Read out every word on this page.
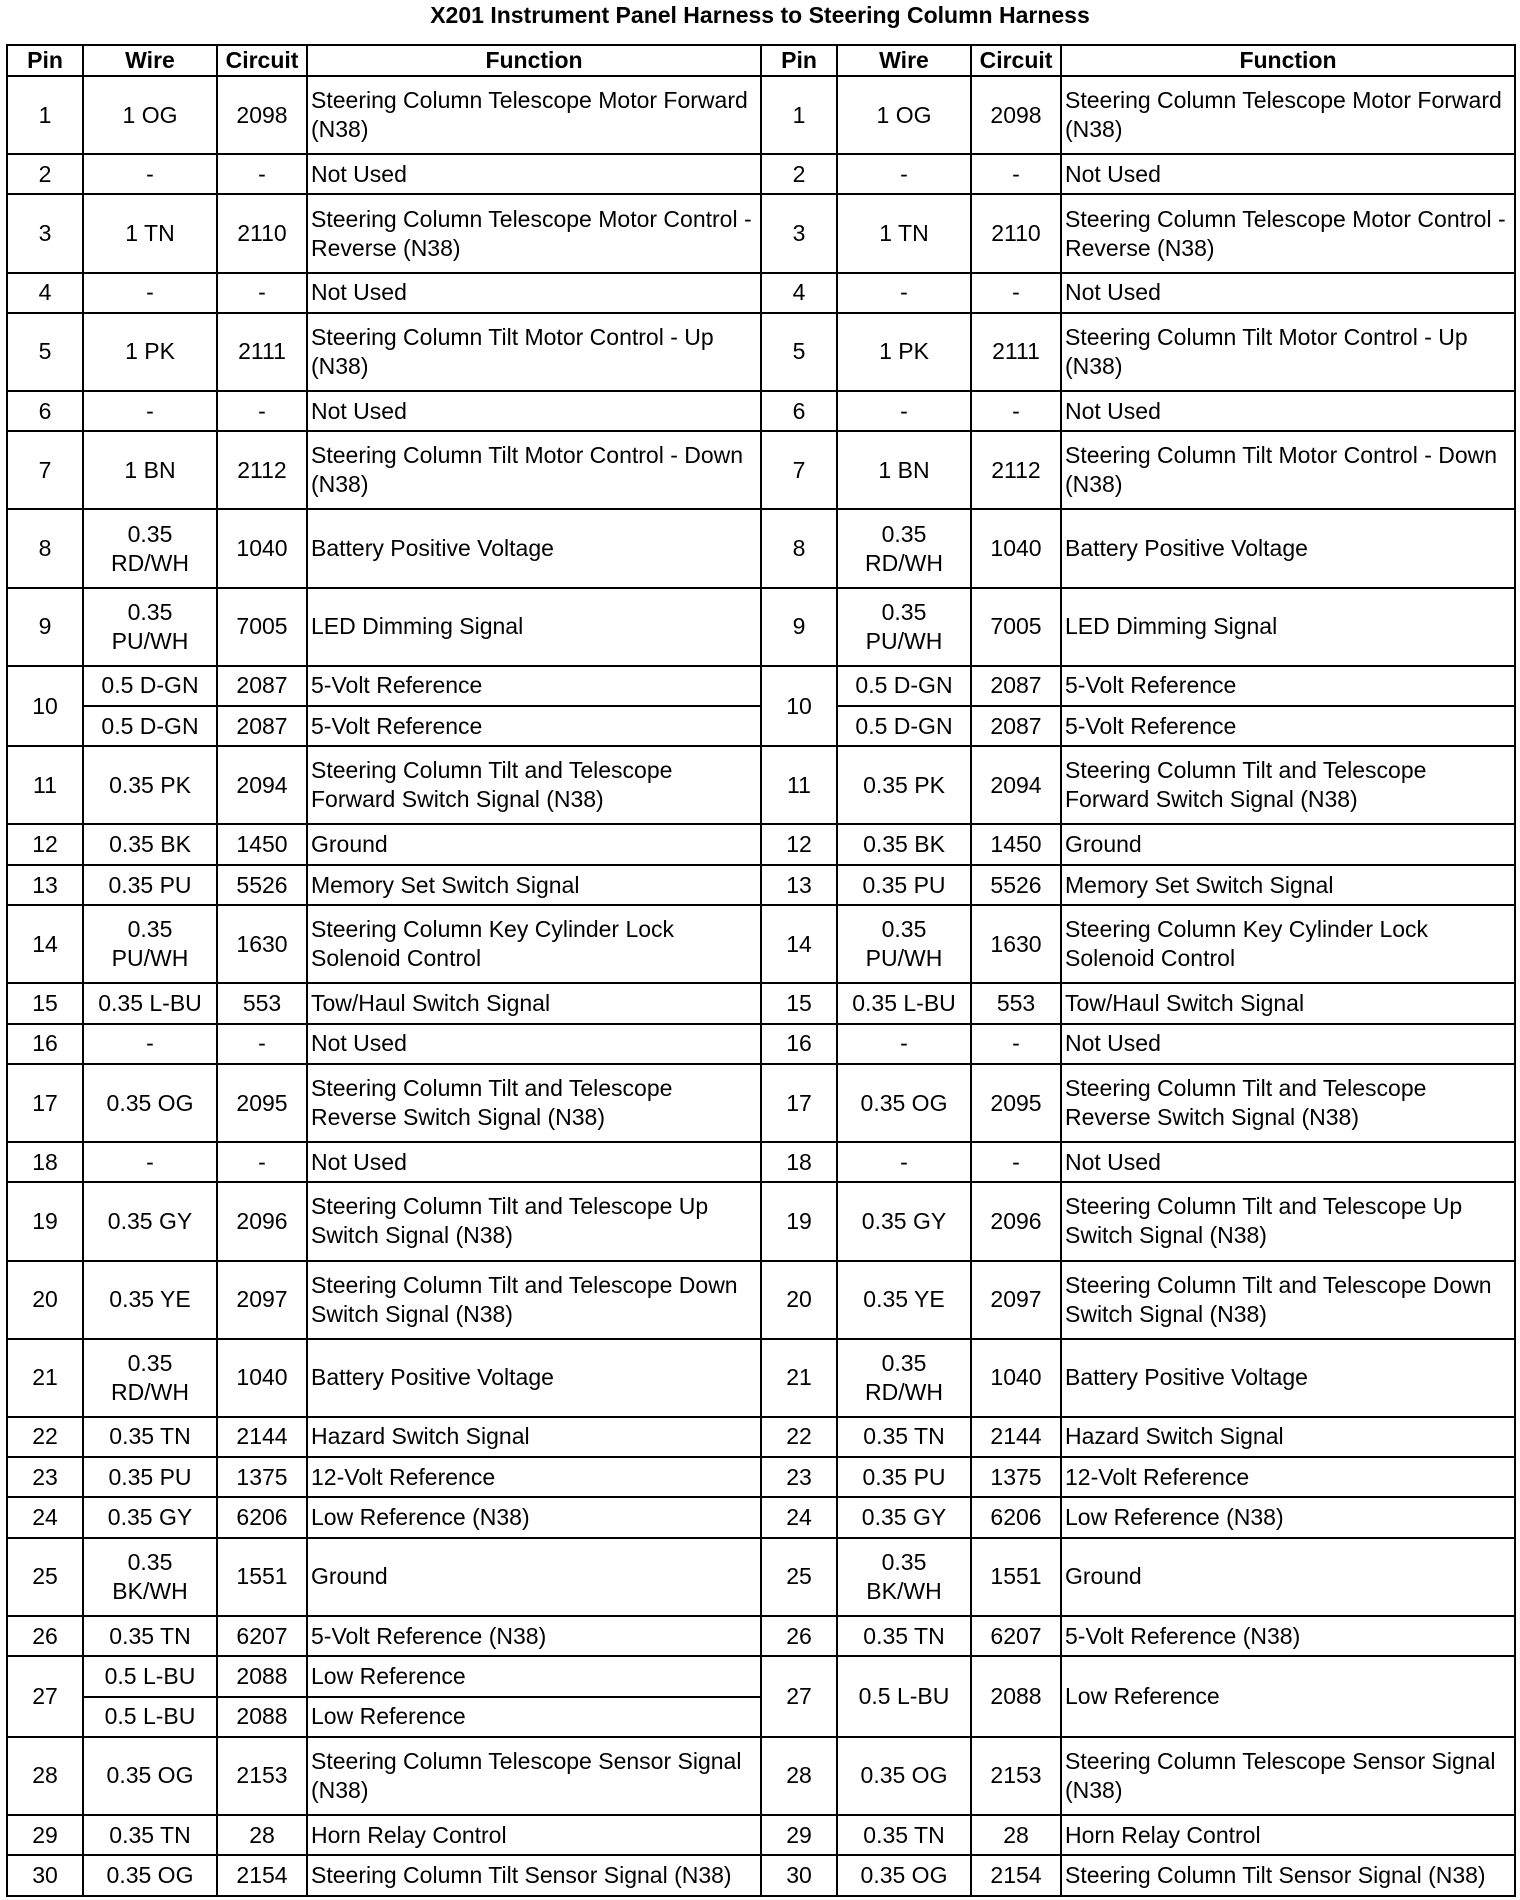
X201 Instrument Panel Harness to Steering Column Harness
Pin	Wire	Circuit	Function	Pin	Wire	Circuit	Function
1	1 OG	2098	Steering Column Telescope Motor Forward (N38)	1	1 OG	2098	Steering Column Telescope Motor Forward (N38)
2	-	-	Not Used	2	-	-	Not Used
3	1 TN	2110	Steering Column Telescope Motor Control - Reverse (N38)	3	1 TN	2110	Steering Column Telescope Motor Control - Reverse (N38)
4	-	-	Not Used	4	-	-	Not Used
5	1 PK	2111	Steering Column Tilt Motor Control - Up (N38)	5	1 PK	2111	Steering Column Tilt Motor Control - Up (N38)
6	-	-	Not Used	6	-	-	Not Used
7	1 BN	2112	Steering Column Tilt Motor Control - Down (N38)	7	1 BN	2112	Steering Column Tilt Motor Control - Down (N38)
8	0.35 RD/WH	1040	Battery Positive Voltage	8	0.35 RD/WH	1040	Battery Positive Voltage
9	0.35 PU/WH	7005	LED Dimming Signal	9	0.35 PU/WH	7005	LED Dimming Signal
10	0.5 D-GN	2087	5-Volt Reference	10	0.5 D-GN	2087	5-Volt Reference
	0.5 D-GN	2087	5-Volt Reference		0.5 D-GN	2087	5-Volt Reference
11	0.35 PK	2094	Steering Column Tilt and Telescope Forward Switch Signal (N38)	11	0.35 PK	2094	Steering Column Tilt and Telescope Forward Switch Signal (N38)
12	0.35 BK	1450	Ground	12	0.35 BK	1450	Ground
13	0.35 PU	5526	Memory Set Switch Signal	13	0.35 PU	5526	Memory Set Switch Signal
14	0.35 PU/WH	1630	Steering Column Key Cylinder Lock Solenoid Control	14	0.35 PU/WH	1630	Steering Column Key Cylinder Lock Solenoid Control
15	0.35 L-BU	553	Tow/Haul Switch Signal	15	0.35 L-BU	553	Tow/Haul Switch Signal
16	-	-	Not Used	16	-	-	Not Used
17	0.35 OG	2095	Steering Column Tilt and Telescope Reverse Switch Signal (N38)	17	0.35 OG	2095	Steering Column Tilt and Telescope Reverse Switch Signal (N38)
18	-	-	Not Used	18	-	-	Not Used
19	0.35 GY	2096	Steering Column Tilt and Telescope Up Switch Signal (N38)	19	0.35 GY	2096	Steering Column Tilt and Telescope Up Switch Signal (N38)
20	0.35 YE	2097	Steering Column Tilt and Telescope Down Switch Signal (N38)	20	0.35 YE	2097	Steering Column Tilt and Telescope Down Switch Signal (N38)
21	0.35 RD/WH	1040	Battery Positive Voltage	21	0.35 RD/WH	1040	Battery Positive Voltage
22	0.35 TN	2144	Hazard Switch Signal	22	0.35 TN	2144	Hazard Switch Signal
23	0.35 PU	1375	12-Volt Reference	23	0.35 PU	1375	12-Volt Reference
24	0.35 GY	6206	Low Reference (N38)	24	0.35 GY	6206	Low Reference (N38)
25	0.35 BK/WH	1551	Ground	25	0.35 BK/WH	1551	Ground
26	0.35 TN	6207	5-Volt Reference (N38)	26	0.35 TN	6207	5-Volt Reference (N38)
27	0.5 L-BU	2088	Low Reference	27	0.5 L-BU	2088	Low Reference
	0.5 L-BU	2088	Low Reference				
28	0.35 OG	2153	Steering Column Telescope Sensor Signal (N38)	28	0.35 OG	2153	Steering Column Telescope Sensor Signal (N38)
29	0.35 TN	28	Horn Relay Control	29	0.35 TN	28	Horn Relay Control
30	0.35 OG	2154	Steering Column Tilt Sensor Signal (N38)	30	0.35 OG	2154	Steering Column Tilt Sensor Signal (N38)
